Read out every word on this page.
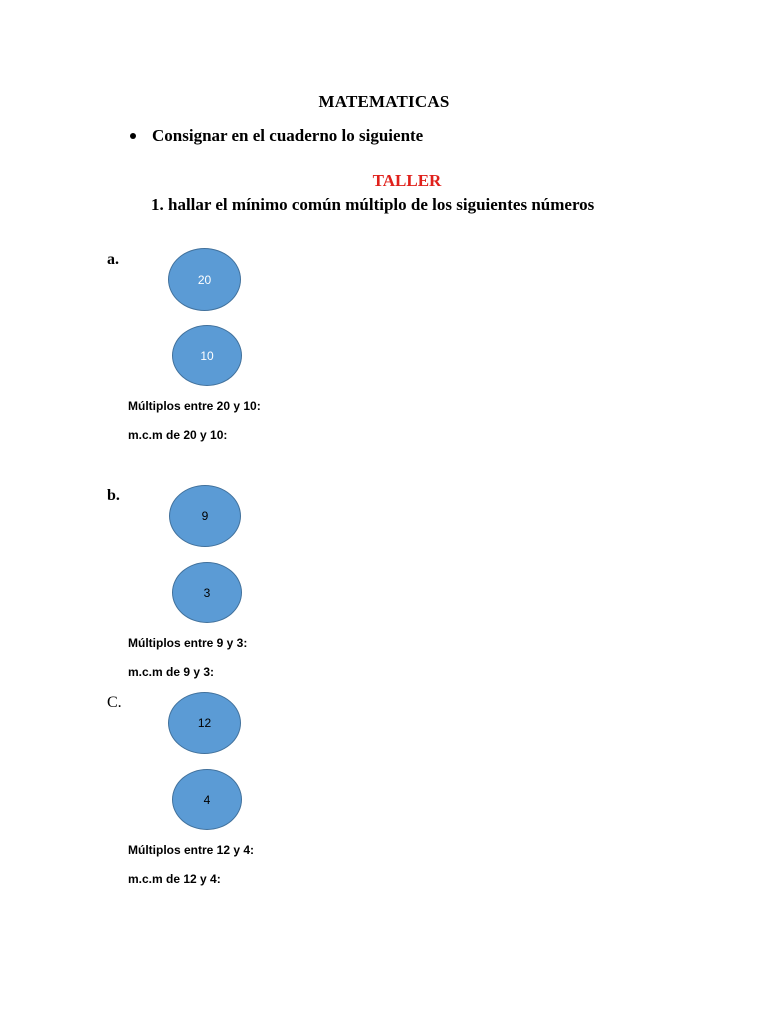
MATEMATICAS
Consignar en el cuaderno lo siguiente
TALLER
1. hallar el mínimo común múltiplo de los siguientes números
a.
20
10
Múltiplos entre 20 y 10:
m.c.m de 20 y 10:
b.
9
3
Múltiplos entre 9 y 3:
m.c.m de 9 y 3:
C.
12
4
Múltiplos entre 12 y 4:
m.c.m de 12 y 4:
